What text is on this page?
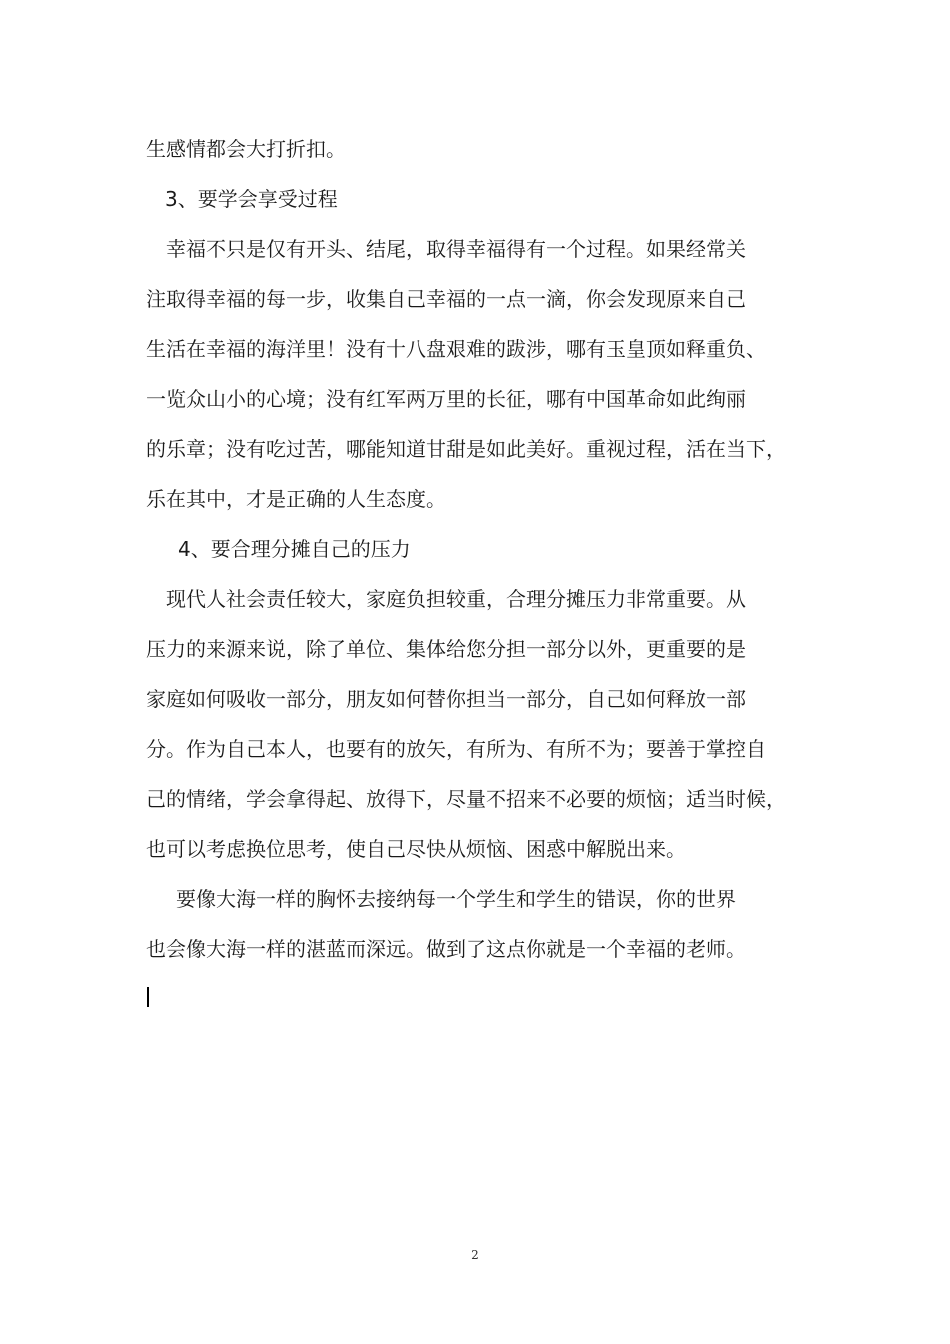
生感情都会大打折扣。
3、要学会享受过程
幸福不只是仅有开头、结尾，取得幸福得有一个过程。如果经常关
注取得幸福的每一步，收集自己幸福的一点一滴，你会发现原来自己
生活在幸福的海洋里！没有十八盘艰难的跋涉，哪有玉皇顶如释重负、
一览众山小的心境；没有红军两万里的长征，哪有中国革命如此绚丽
的乐章；没有吃过苦，哪能知道甘甜是如此美好。重视过程，活在当下，
乐在其中，才是正确的人生态度。
4、要合理分摊自己的压力
现代人社会责任较大，家庭负担较重，合理分摊压力非常重要。从
压力的来源来说，除了单位、集体给您分担一部分以外，更重要的是
家庭如何吸收一部分，朋友如何替你担当一部分，自己如何释放一部
分。作为自己本人，也要有的放矢，有所为、有所不为；要善于掌控自
己的情绪，学会拿得起、放得下，尽量不招来不必要的烦恼；适当时候，
也可以考虑换位思考，使自己尽快从烦恼、困惑中解脱出来。
要像大海一样的胸怀去接纳每一个学生和学生的错误，你的世界
也会像大海一样的湛蓝而深远。做到了这点你就是一个幸福的老师。
2
